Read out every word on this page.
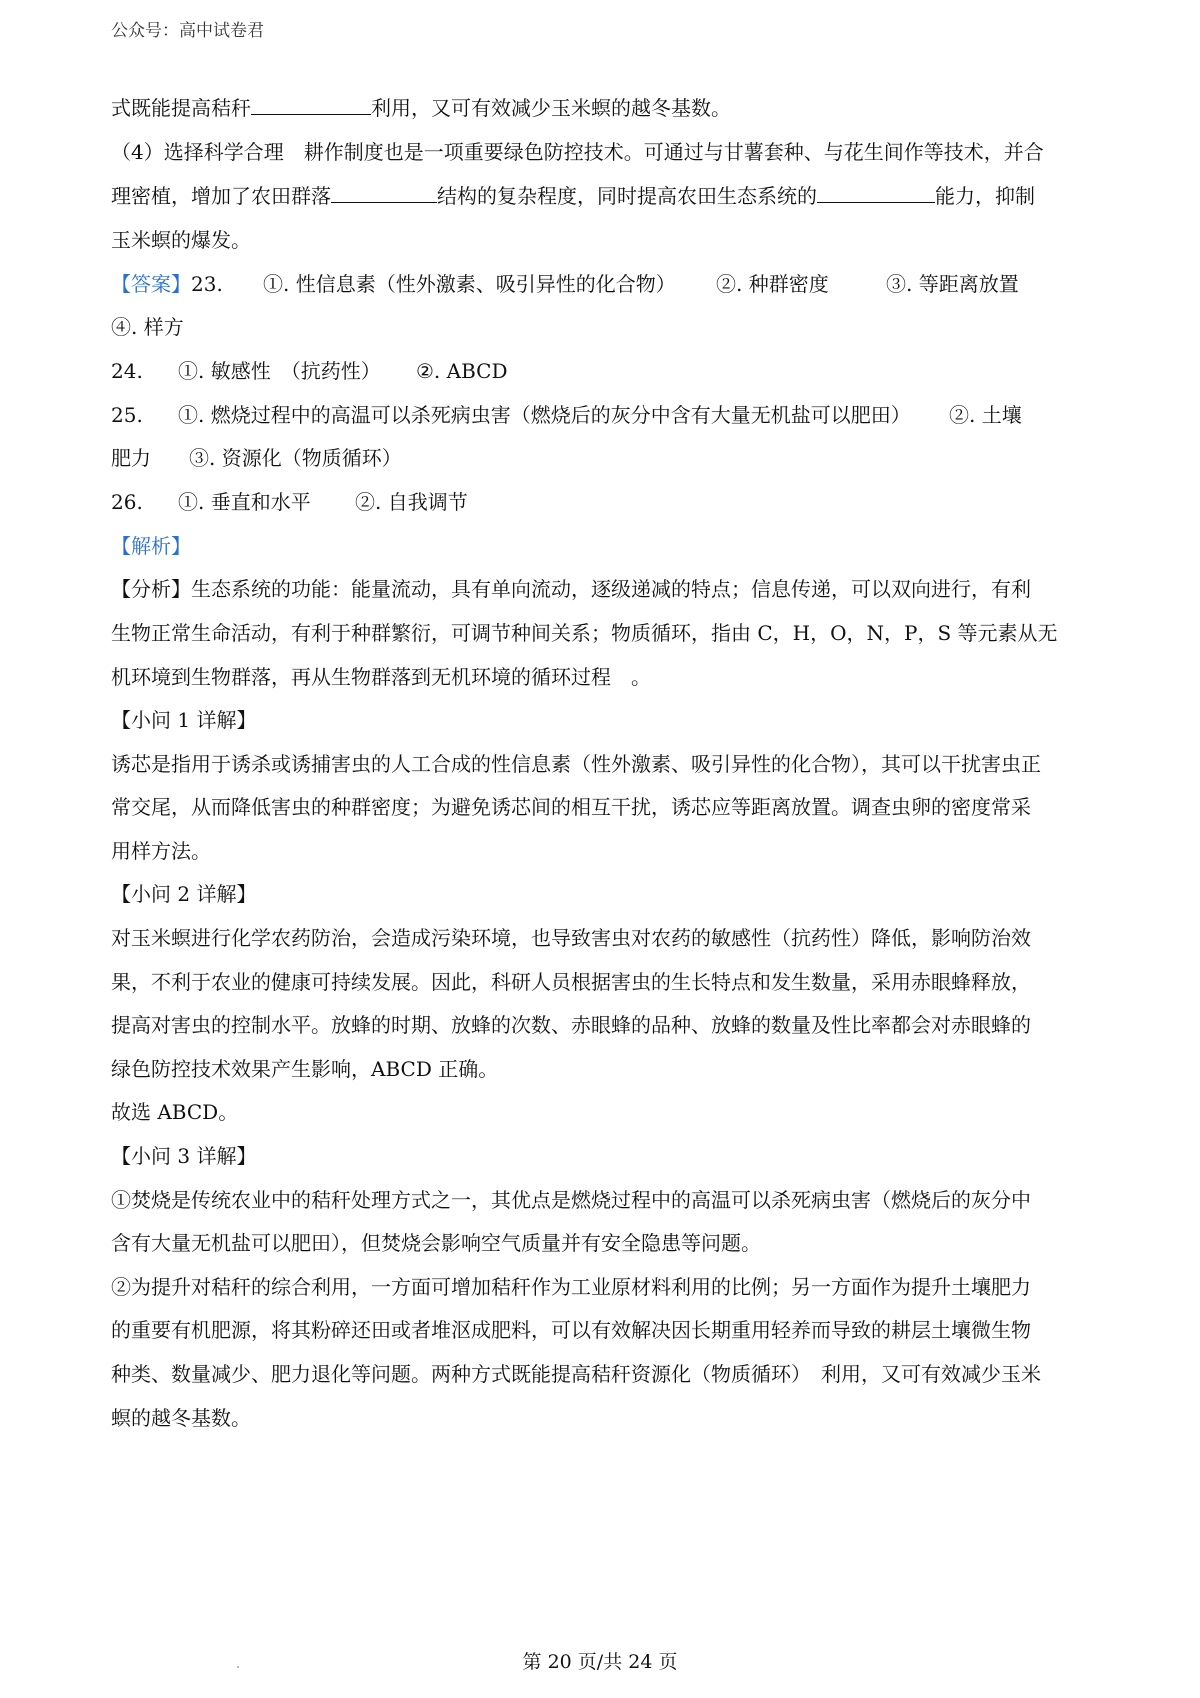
公众号：高中试卷君
式既能提高秸秆	利用，又可有效减少玉米螟的越冬基数。
（4）选择科学合理　耕作制度也是一项重要绿色防控技术。可通过与甘薯套种、与花生间作等技术，并合
理密植，增加了农田群落	结构的复杂程度，同时提高农田生态系统的	能力，抑制
玉米螟的爆发。
【答案】23. ①. 性信息素（性外激素、吸引异性的化合物） ②. 种群密度	③. 等距离放置
④. 样方
24. ①. 敏感性　（抗药性） ②. ABCD
25. ①. 燃烧过程中的高温可以杀死病虫害（燃烧后的灰分中含有大量无机盐可以肥田） ②. 土壤
肥力 ③. 资源化（物质循环）
26. ①. 垂直和水平 ②. 自我调节
【解析】
【分析】生态系统的功能：能量流动，具有单向流动，逐级递减的特点；信息传递，可以双向进行，有利
生物正常生命活动，有利于种群繁衍，可调节种间关系；物质循环，指由 C，H，O，N，P，S 等元素从无
机环境到生物群落，再从生物群落到无机环境的循环过程　。
【小问 1 详解】
诱芯是指用于诱杀或诱捕害虫的人工合成的性信息素（性外激素、吸引异性的化合物），其可以干扰害虫正
常交尾，从而降低害虫的种群密度；为避免诱芯间的相互干扰，诱芯应等距离放置。调查虫卵的密度常采
用样方法。
【小问 2 详解】
对玉米螟进行化学农药防治，会造成污染环境，也导致害虫对农药的敏感性（抗药性）降低，影响防治效
果，不利于农业的健康可持续发展。因此，科研人员根据害虫的生长特点和发生数量，采用赤眼蜂释放，
提高对害虫的控制水平。放蜂的时期、放蜂的次数、赤眼蜂的品种、放蜂的数量及性比率都会对赤眼蜂的
绿色防控技术效果产生影响，ABCD 正确。
故选 ABCD。
【小问 3 详解】
①焚烧是传统农业中的秸秆处理方式之一，其优点是燃烧过程中的高温可以杀死病虫害（燃烧后的灰分中
含有大量无机盐可以肥田），但焚烧会影响空气质量并有安全隐患等问题。
②为提升对秸秆的综合利用，一方面可增加秸秆作为工业原材料利用的比例；另一方面作为提升土壤肥力
的重要有机肥源，将其粉碎还田或者堆沤成肥料，可以有效解决因长期重用轻养而导致的耕层土壤微生物
种类、数量减少、肥力退化等问题。两种方式既能提高秸秆资源化（物质循环）　利用，又可有效减少玉米
螟的越冬基数。
第 20 页/共 24 页
